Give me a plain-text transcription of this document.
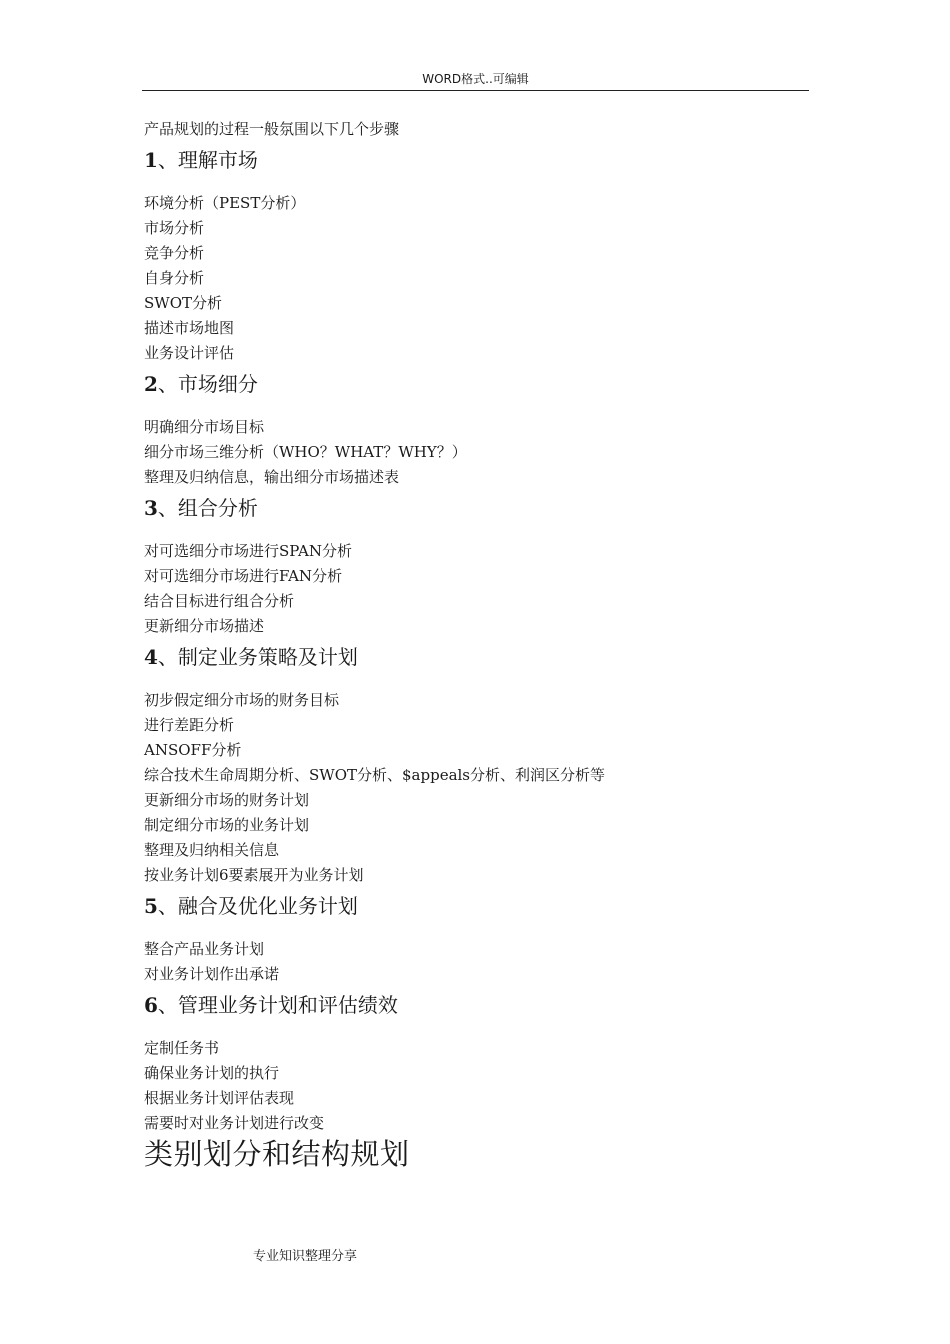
WORD格式..可编辑
产品规划的过程一般氛围以下几个步骤
1、理解市场
环境分析（PEST分析）
市场分析
竞争分析
自身分析
SWOT分析
描述市场地图
业务设计评估
2、市场细分
明确细分市场目标
细分市场三维分析（WHO？WHAT？WHY？）
整理及归纳信息，输出细分市场描述表
3、组合分析
对可选细分市场进行SPAN分析
对可选细分市场进行FAN分析
结合目标进行组合分析
更新细分市场描述
4、制定业务策略及计划
初步假定细分市场的财务目标
进行差距分析
ANSOFF分析
综合技术生命周期分析、SWOT分析、$appeals分析、利润区分析等
更新细分市场的财务计划
制定细分市场的业务计划
整理及归纳相关信息
按业务计划6要素展开为业务计划
5、融合及优化业务计划
整合产品业务计划
对业务计划作出承诺
6、管理业务计划和评估绩效
定制任务书
确保业务计划的执行
根据业务计划评估表现
需要时对业务计划进行改变
类别划分和结构规划
专业知识整理分享
